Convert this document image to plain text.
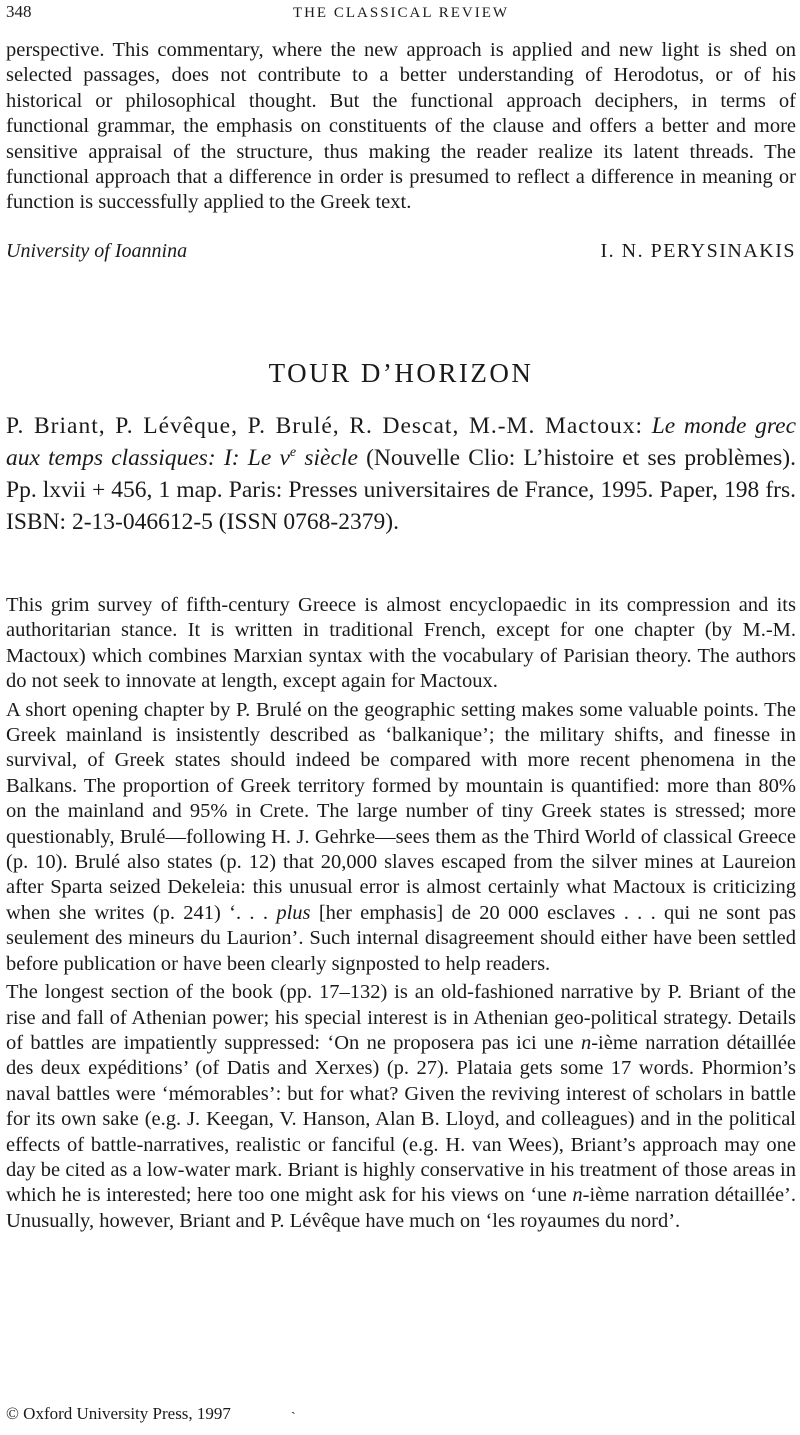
348	THE CLASSICAL REVIEW

perspective. This commentary, where the new approach is applied and new light is shed on selected passages, does not contribute to a better understanding of Herodotus, or of his historical or philosophical thought. But the functional approach deciphers, in terms of functional grammar, the emphasis on constituents of the clause and offers a better and more sensitive appraisal of the structure, thus making the reader realize its latent threads. The functional approach that a difference in order is presumed to reflect a difference in meaning or function is successfully applied to the Greek text.

University of Ioannina	I. N. PERYSINAKIS
TOUR D’HORIZON
P. Briant, P. Lévêque, P. Brulé, R. Descat, M.-M. Mactoux: Le monde grec aux temps classiques: I: Le $v^e$ siècle (Nouvelle Clio: L’histoire et ses problèmes). Pp. lxvii + 456, 1 map. Paris: Presses universitaires de France, 1995. Paper, 198 frs. ISBN: 2-13-046612-5 (ISSN 0768-2379).

This grim survey of fifth-century Greece is almost encyclopaedic in its compression and its authoritarian stance. It is written in traditional French, except for one chapter (by M.-M. Mactoux) which combines Marxian syntax with the vocabulary of Parisian theory. The authors do not seek to innovate at length, except again for Mactoux.

A short opening chapter by P. Brulé on the geographic setting makes some valuable points. The Greek mainland is insistently described as ‘balkanique’; the military shifts, and finesse in survival, of Greek states should indeed be compared with more recent phenomena in the Balkans. The proportion of Greek territory formed by mountain is quantified: more than 80% on the mainland and 95% in Crete. The large number of tiny Greek states is stressed; more questionably, Brulé—following H. J. Gehrke—sees them as the Third World of classical Greece (p. 10). Brulé also states (p. 12) that 20,000 slaves escaped from the silver mines at Laureion after Sparta seized Dekeleia: this unusual error is almost certainly what Mactoux is criticizing when she writes (p. 241) ‘. . . plus [her emphasis] de 20 000 esclaves . . . qui ne sont pas seulement des mineurs du Laurion’. Such internal disagreement should either have been settled before publication or have been clearly signposted to help readers.

The longest section of the book (pp. 17–132) is an old-fashioned narrative by P. Briant of the rise and fall of Athenian power; his special interest is in Athenian geo-political strategy. Details of battles are impatiently suppressed: ‘On ne proposera pas ici une n-ième narration détaillée des deux expéditions’ (of Datis and Xerxes) (p. 27). Plataia gets some 17 words. Phormion’s naval battles were ‘mémorables’: but for what? Given the reviving interest of scholars in battle for its own sake (e.g. J. Keegan, V. Hanson, Alan B. Lloyd, and colleagues) and in the political effects of battle-narratives, realistic or fanciful (e.g. H. van Wees), Briant’s approach may one day be cited as a low-water mark. Briant is highly conservative in his treatment of those areas in which he is interested; here too one might ask for his views on ‘une n-ième narration détaillée’. Unusually, however, Briant and P. Lévêque have much on ‘les royaumes du nord’.

© Oxford University Press, 1997	ˎ
